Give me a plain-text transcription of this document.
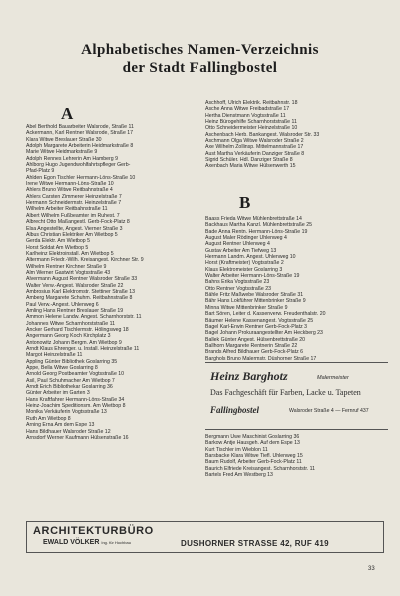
Alphabetisches Namen-Verzeichnis
der Stadt Fallingbostel
A
Abel Berthold Bauarbeiter Walsrode, Straße 11
Ackermann, Karl Rentner Walsrode, Straße 17
Klara Witwe Breslauer Straße 30
Adolph Margarete Arbeiterin Heidmarkstraße 8
Marie Witwe Heidmarkstraße 9
Adolph Rennes Lehrerin Am Hamberg 9
Ahlborg Hugo Jugendwohlfahrtspfleger Gerb-
Pfad-Platz 9
Ahlden Egon Tischler Hermann-Löns-Straße 10
Irene Witwe Hermann-Löns-Straße 10
Ahlers Bruno Witwe Reitbahnstraße 4
Ahlers Carsten Zimmerer Heinzelstraße 7
Hermann Schneidermstr. Heinzelstraße 7
Wilhelm Arbeiter Reitbahnstraße 11
Albert Wilhelm Fußbeamter im Ruhest. 7
Albrecht Otto Maßangestl. Gerb-Fock-Platz 8
Elsa Angestellte, Angest. Vierner Straße 3
Albus Christian Elektriker Am Wietbop 5
Gerda Elektr. Am Wietbop 5
Horst Soldat Am Wietbop 5
Karlheinz Elektroinstall. Am Wietbop 5
Altermann Friedr.-Wilh. Kreisangest. Kirchner Str. 9
Wilhelm Rentner Kirchner Straße 9
Alm Werner Gastwirt Vogtsstraße 43
Alvermann August Rentner Walsroder Straße 33
Walter Verw.-Angest. Walsroder Straße 22
Ambrosius Karl Elektromstr. Stettiner Straße 13
Amberg Margarete Schuhm. Reitbahnstraße 8
Paul Verw.-Angest. Uhlenweg 6
Amling Hans Rentner Breslauer Straße 19
Ammon Helene Landw. Angest. Scharnhorststr. 11
Johannes Witwe Scharnhorststraße 11
Ancker Gerhard Tischlermstr. Hölingsweg 18
Angermann Georg Koch Kirchplatz 3
Antonowitz Johann Bergm. Am Wietbop 9
Arndt Klaus Ehrenger. u. Install. Heinzelstraße 11
Margot Heinzelstraße 11
Appling Günter Bibliothek Goslarring 35
Appe, Bella Witwe Goslarring 8
Arnold Georg Postbeamter Vogtsstraße 10
Asil, Paul Schuhmacher Am Wietbop 7
Arndt Erich Bibliothekar Goslarring 36
Günter Arbeiter im Garten 3
Hans Kraftfahrer Hermann-Löns-Straße 34
Heinz-Joachim Speditionsm. Am Wietbop 8
Monika Verkäuferin Vogtsstraße 13
Ruth Am Wietbop 8
Arning Erna Am dem Espe 13
Hans Bildhauer Walsroder Straße 12
Arnsdorf Werner Kaufmann Hülsenstraße 16
Aschhoff, Ulrich Elektrik. Reitbahnstr. 18
Asche Anna Witwe Freibadstraße 17
Hertha Dienstmann Vogtsstraße 11
Heinz Bürogehilfe Scharnhorststraße 11
Otto Schneidermeister Heinzelstraße 10
Aschenbach Herb. Bankangest. Walsroder Str. 33
Aschmann Olga Witwe Walsroder Straße 2
Axe Wilhelm Zollinsp. Mittelmannstraße 17
Aust Martha Verkäuferin Danziger Straße 8
Sigrid Schüler. Hdl. Danziger Straße 8
Axenbach Maria Witwe Hülsenwerth 15
B
Baass Frieda Witwe Mühlenbrettstraße 14
Backhaus Martha Kanzl. Mühlenbrettstraße 25
Bade Anna Rentn. Hermann-Löns-Straße 19
August Maler Rödinger Uhlenweg 4
August Rentner Uhlenweg 4
Gustav Arbeiter Am Tiefweg 13
Hermann Landm. Angest. Uhlenweg 10
Horst (Kraftmeister) Vogtsstraße 2
Klaus Elektromeister Goslarring 3
Walter Arbeiter Hermann-Löns-Straße 19
Bahns Erika Vogtsstraße 23
Otto Rentner Vogtsstraße 23
Bähle Fritz Maßwebe Walsroder Straße 31
Bähr Hans Lokführer Mittenbrinker Straße 9
Minna Witwe Mittenbrinker Straße 9
Bart Sören, Leiter d. Kassenverw. Freudenthalstr. 20
Bäumer Helene Kassenangest. Vogtsstraße 25
Bagel Karl-Erwin Rentner Gerb-Fock-Platz 3
Bagel Johann Prokuraangestellter Am Heckberg 23
Ballek Günter Angest. Hülsenbrettstraße 20
Ballhorn Margarete Rentnerin Straße 22
Brands Alfred Bildhauer Gerb-Fock-Platz 6
Barghols Bruno Malermstr. Düshorner Straße 17
Heinz Barghotz	Malermeister
Das Fachgeschäft für Farben, Lacke u. Tapeten
Fallingbostel	Walsroder Straße 4 — Fernruf 437
Bergmann Uwe Maschinist Goslarring 36
Barkow Antje Hausgeh. Auf dem Espe 13
Kurt Tischler im Wieblon 11
Barsbacke Klara Witwe Tiefl. Uhlenweg 15
Baum Rudolf, Arbeiter Gerb-Fock-Platz 11
Baurich Elfriede Kreisangest. Scharnhorststr. 11
Bartels Fred Am Westberg 13
ARCHITEKTURBÜRO
EWALD VÖLKER Ing. für Hochbau	DUSHORNER STRASSE 42, RUF 419
33
